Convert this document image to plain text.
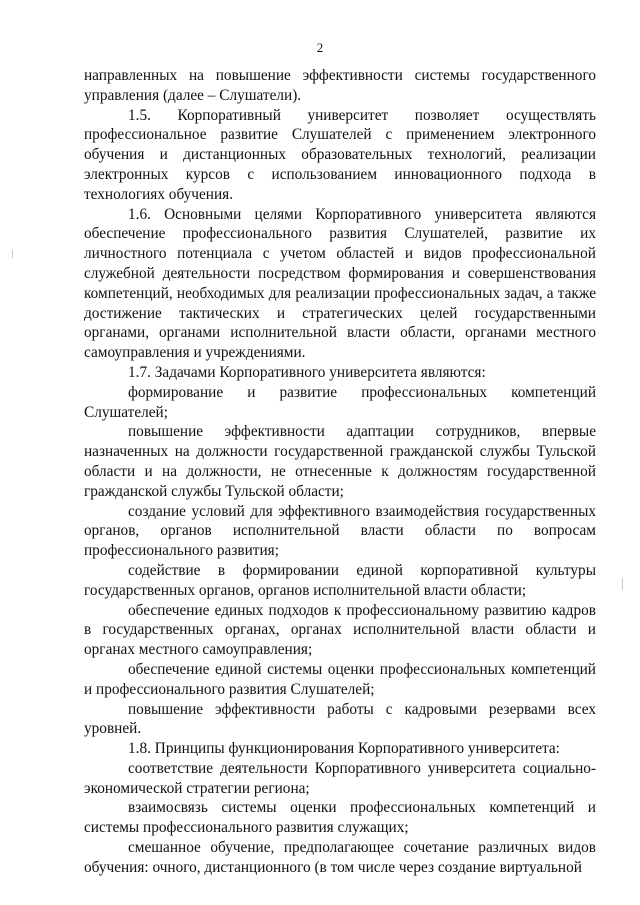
2

направленных на повышение эффективности системы государственного управления (далее – Слушатели).

1.5. Корпоративный университет позволяет осуществлять профессиональное развитие Слушателей с применением электронного обучения и дистанционных образовательных технологий, реализации электронных курсов с использованием инновационного подхода в технологиях обучения.

1.6. Основными целями Корпоративного университета являются обеспечение профессионального развития Слушателей, развитие их личностного потенциала с учетом областей и видов профессиональной служебной деятельности посредством формирования и совершенствования компетенций, необходимых для реализации профессиональных задач, а также достижение тактических и стратегических целей государственными органами, органами исполнительной власти области, органами местного самоуправления и учреждениями.

1.7. Задачами Корпоративного университета являются:

формирование и развитие профессиональных компетенций Слушателей;

повышение эффективности адаптации сотрудников, впервые назначенных на должности государственной гражданской службы Тульской области и на должности, не отнесенные к должностям государственной гражданской службы Тульской области;

создание условий для эффективного взаимодействия государственных органов, органов исполнительной власти области по вопросам профессионального развития;

содействие в формировании единой корпоративной культуры государственных органов, органов исполнительной власти области;

обеспечение единых подходов к профессиональному развитию кадров в государственных органах, органах исполнительной власти области и органах местного самоуправления;

обеспечение единой системы оценки профессиональных компетенций и профессионального развития Слушателей;

повышение эффективности работы с кадровыми резервами всех уровней.

1.8. Принципы функционирования Корпоративного университета:

соответствие деятельности Корпоративного университета социально-экономической стратегии региона;

взаимосвязь системы оценки профессиональных компетенций и системы профессионального развития служащих;

смешанное обучение, предполагающее сочетание различных видов обучения: очного, дистанционного (в том числе через создание виртуальной
